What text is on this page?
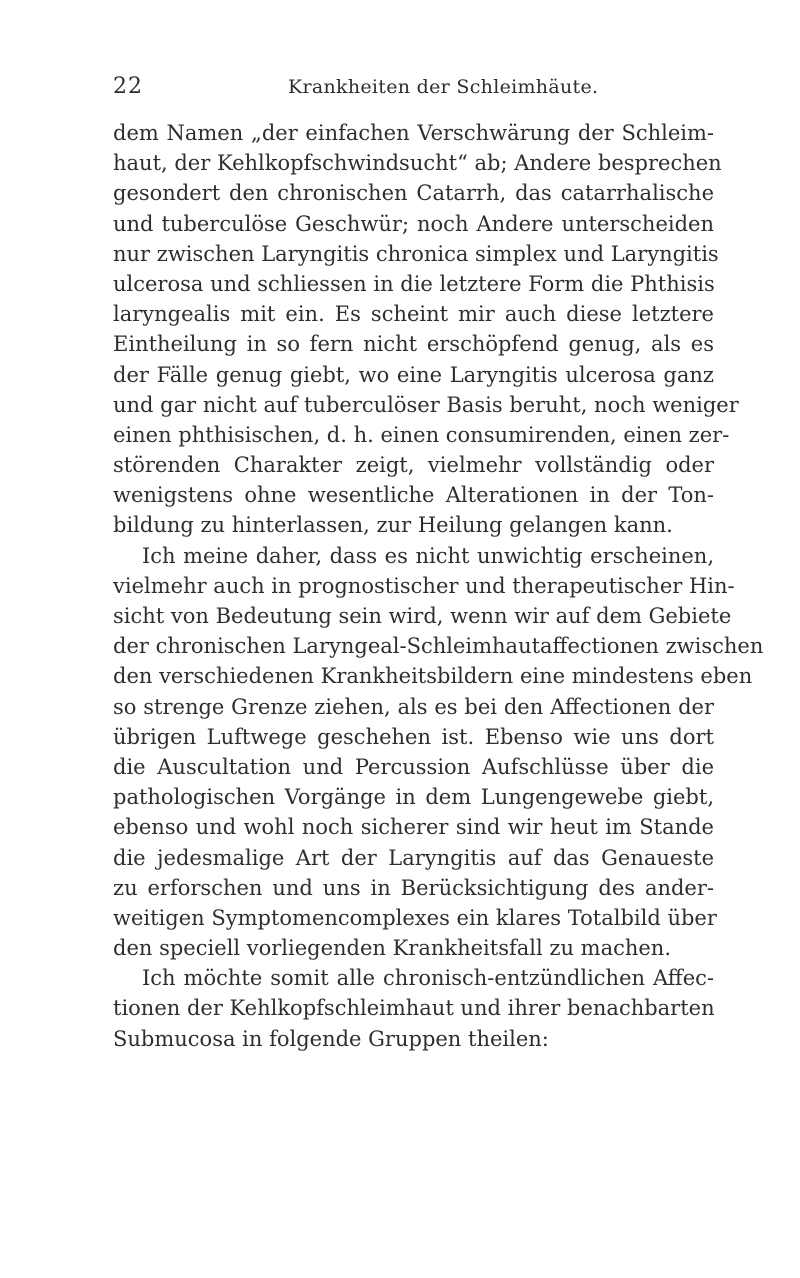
22	Krankheiten der Schleimhäute.
dem Namen „der einfachen Verschwärung der Schleim-
haut, der Kehlkopfschwindsucht“ ab; Andere besprechen
gesondert den chronischen Catarrh, das catarrhalische
und tuberculöse Geschwür; noch Andere unterscheiden
nur zwischen Laryngitis chronica simplex und Laryngitis
ulcerosa und schliessen in die letztere Form die Phthisis
laryngealis mit ein. Es scheint mir auch diese letztere
Eintheilung in so fern nicht erschöpfend genug, als es
der Fälle genug giebt, wo eine Laryngitis ulcerosa ganz
und gar nicht auf tuberculöser Basis beruht, noch weniger
einen phthisischen, d. h. einen consumirenden, einen zer-
störenden Charakter zeigt, vielmehr vollständig oder
wenigstens ohne wesentliche Alterationen in der Ton-
bildung zu hinterlassen, zur Heilung gelangen kann.
Ich meine daher, dass es nicht unwichtig erscheinen,
vielmehr auch in prognostischer und therapeutischer Hin-
sicht von Bedeutung sein wird, wenn wir auf dem Gebiete
der chronischen Laryngeal-Schleimhautaffectionen zwischen
den verschiedenen Krankheitsbildern eine mindestens eben
so strenge Grenze ziehen, als es bei den Affectionen der
übrigen Luftwege geschehen ist. Ebenso wie uns dort
die Auscultation und Percussion Aufschlüsse über die
pathologischen Vorgänge in dem Lungengewebe giebt,
ebenso und wohl noch sicherer sind wir heut im Stande
die jedesmalige Art der Laryngitis auf das Genaueste
zu erforschen und uns in Berücksichtigung des ander-
weitigen Symptomencomplexes ein klares Totalbild über
den speciell vorliegenden Krankheitsfall zu machen.
Ich möchte somit alle chronisch-entzündlichen Affec-
tionen der Kehlkopfschleimhaut und ihrer benachbarten
Submucosa in folgende Gruppen theilen:
